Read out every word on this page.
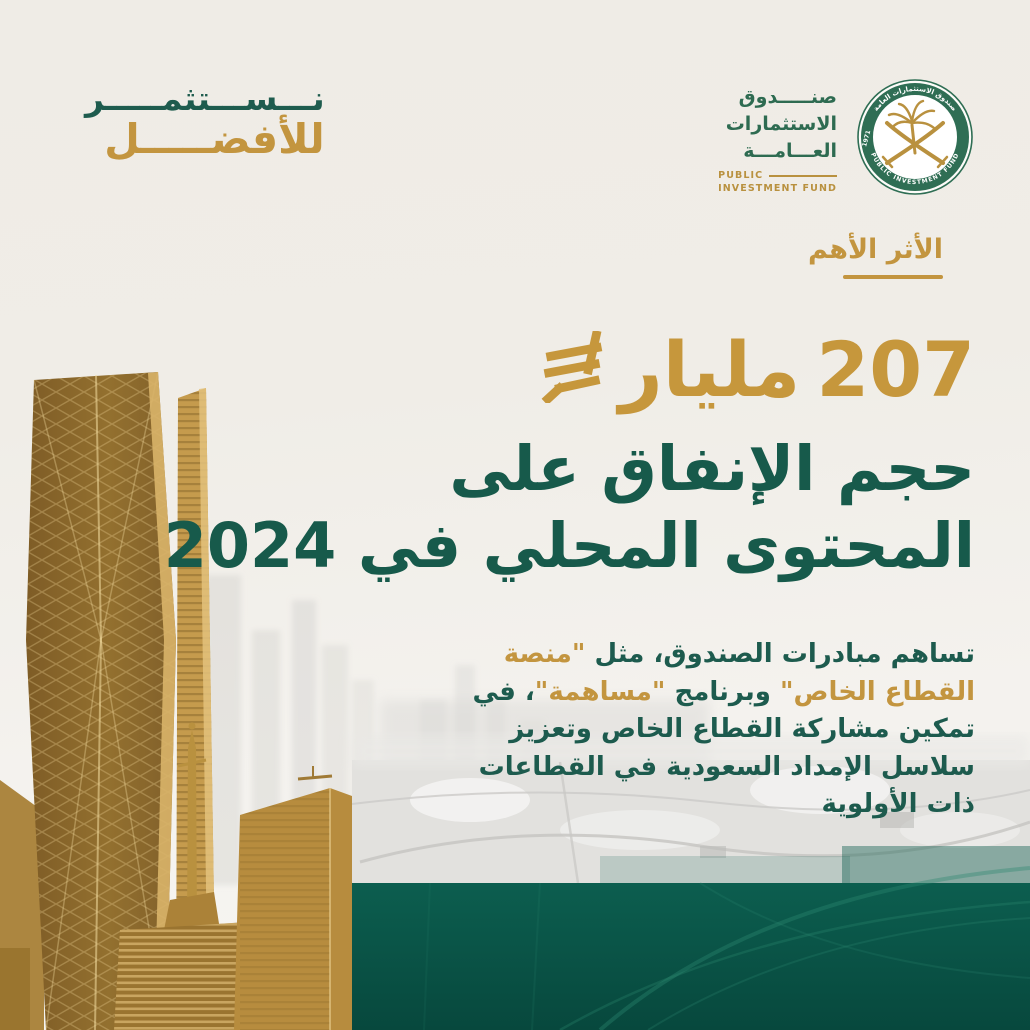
نـــســـتثمـــــر
للأفضـــــل
صنـــــدوق
الاستثمارات
العـــامـــة
PUBLIC
INVESTMENT FUND
صندوق الاستثمارات العامة
PUBLIC INVESTMENT FUND
1971
الأثر الأهم
207
مليار
حجم الإنفاق على
المحتوى المحلي في 2024

تساهم مبادرات الصندوق، مثل "منصة القطاع الخاص" وبرنامج "مساهمة"، في تمكين مشاركة القطاع الخاص وتعزيز سلاسل الإمداد السعودية في القطاعات ذات الأولوية
